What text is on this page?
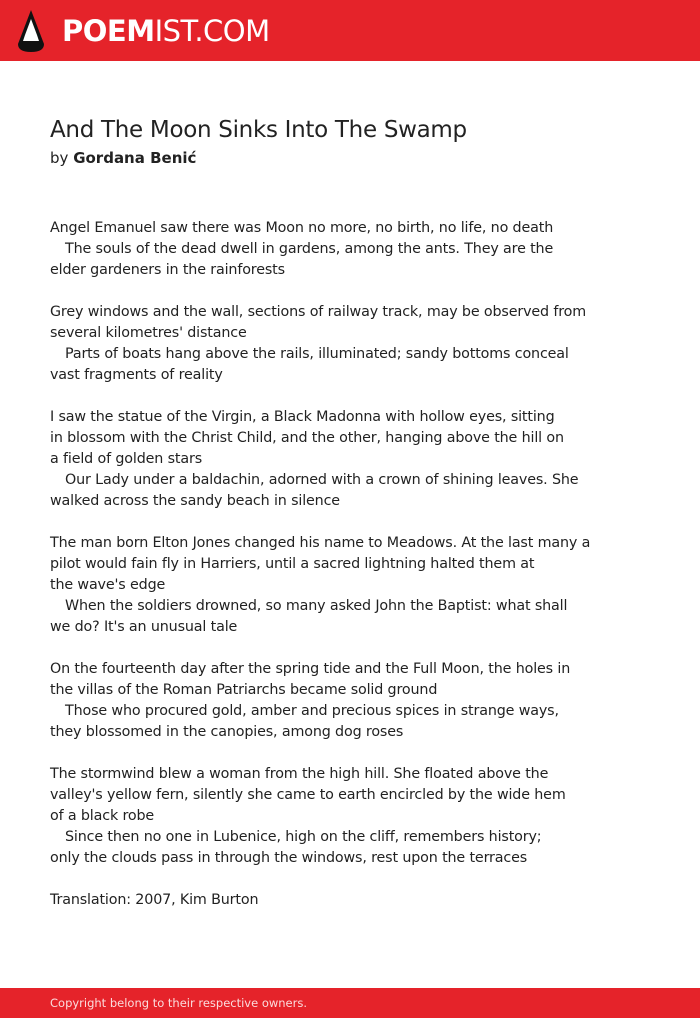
POEMIST.COM
And The Moon Sinks Into The Swamp
by Gordana Benić
Angel Emanuel saw there was Moon no more, no birth, no life, no death
The souls of the dead dwell in gardens, among the ants. They are the
elder gardeners in the rainforests
Grey windows and the wall, sections of railway track, may be observed from
several kilometres' distance
Parts of boats hang above the rails, illuminated; sandy bottoms conceal
vast fragments of reality
I saw the statue of the Virgin, a Black Madonna with hollow eyes, sitting
in blossom with the Christ Child, and the other, hanging above the hill on
a field of golden stars
Our Lady under a baldachin, adorned with a crown of shining leaves. She
walked across the sandy beach in silence
The man born Elton Jones changed his name to Meadows. At the last many a
pilot would fain fly in Harriers, until a sacred lightning halted them at
the wave's edge
When the soldiers drowned, so many asked John the Baptist: what shall
we do? It's an unusual tale
On the fourteenth day after the spring tide and the Full Moon, the holes in
the villas of the Roman Patriarchs became solid ground
Those who procured gold, amber and precious spices in strange ways,
they blossomed in the canopies, among dog roses
The stormwind blew a woman from the high hill. She floated above the
valley's yellow fern, silently she came to earth encircled by the wide hem
of a black robe
Since then no one in Lubenice, high on the cliff, remembers history;
only the clouds pass in through the windows, rest upon the terraces
Translation: 2007, Kim Burton
Copyright belong to their respective owners.
